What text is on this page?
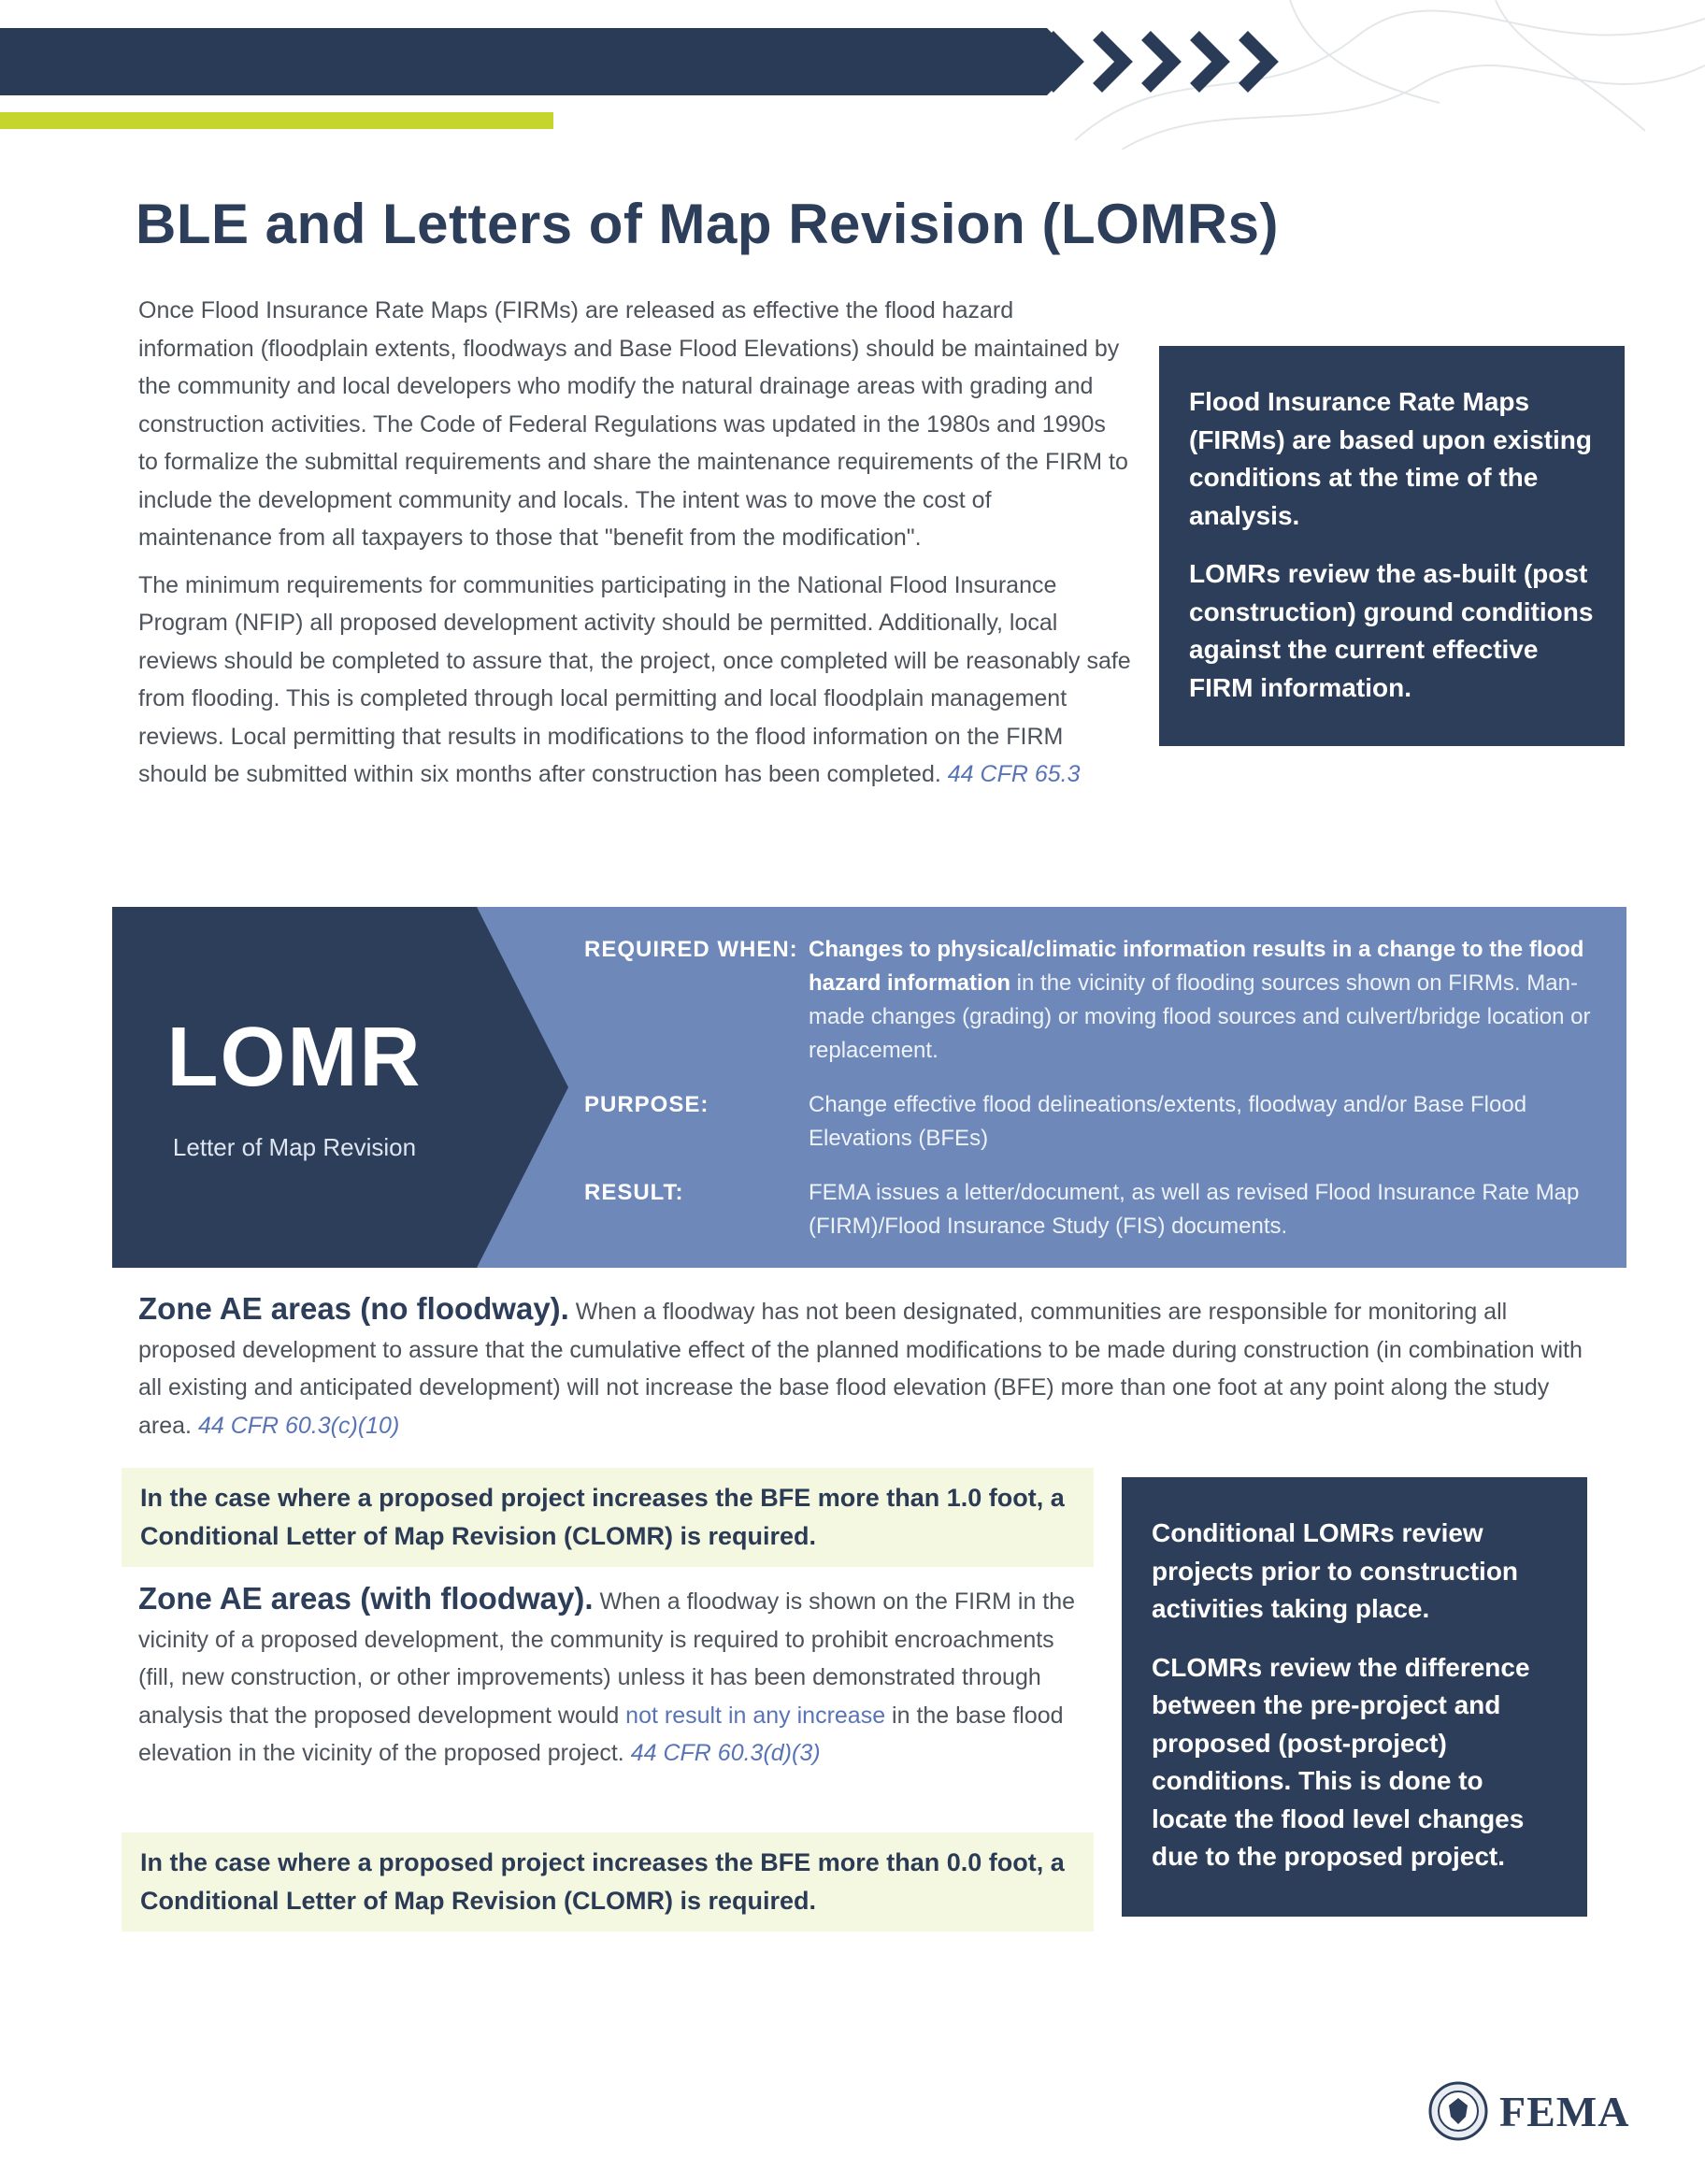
BLE and Letters of Map Revision (LOMRs)

Flood Insurance Rate Maps (FIRMs) are based upon existing conditions at the time of the analysis.

LOMRs review the as-built (post construction) ground conditions against the current effective FIRM information.

Once Flood Insurance Rate Maps (FIRMs) are released as effective the flood hazard information (floodplain extents, floodways and Base Flood Elevations) should be maintained by the community and local developers who modify the natural drainage areas with grading and construction activities. The Code of Federal Regulations was updated in the 1980s and 1990s to formalize the submittal requirements and share the maintenance requirements of the FIRM to include the development community and locals. The intent was to move the cost of maintenance from all taxpayers to those that "benefit from the modification".

The minimum requirements for communities participating in the National Flood Insurance Program (NFIP) all proposed development activity should be permitted. Additionally, local reviews should be completed to assure that, the project, once completed will be reasonably safe from flooding. This is completed through local permitting and local floodplain management reviews. Local permitting that results in modifications to the flood information on the FIRM should be submitted within six months after construction has been completed. 44 CFR 65.3

LOMR
Letter of Map Revision
REQUIRED WHEN: Changes to physical/climatic information results in a change to the flood hazard information in the vicinity of flooding sources shown on FIRMs. Man-made changes (grading) or moving flood sources and culvert/bridge location or replacement.
PURPOSE:	Change effective flood delineations/extents, floodway and/or Base Flood Elevations (BFEs)
RESULT:	FEMA issues a letter/document, as well as revised Flood Insurance Rate Map (FIRM)/Flood Insurance Study (FIS) documents.

Zone AE areas (no floodway). When a floodway has not been designated, communities are responsible for monitoring all proposed development to assure that the cumulative effect of the planned modifications to be made during construction (in combination with all existing and anticipated development) will not increase the base flood elevation (BFE) more than one foot at any point along the study area. 44 CFR 60.3(c)(10)

In the case where a proposed project increases the BFE more than 1.0 foot, a Conditional Letter of Map Revision (CLOMR) is required.

Zone AE areas (with floodway). When a floodway is shown on the FIRM in the vicinity of a proposed development, the community is required to prohibit encroachments (fill, new construction, or other improvements) unless it has been demonstrated through analysis that the proposed development would not result in any increase in the base flood elevation in the vicinity of the proposed project. 44 CFR 60.3(d)(3)

In the case where a proposed project increases the BFE more than 0.0 foot, a Conditional Letter of Map Revision (CLOMR) is required.

Conditional LOMRs review projects prior to construction activities taking place.

CLOMRs review the difference between the pre-project and proposed (post-project) conditions. This is done to locate the flood level changes due to the proposed project.

FEMA
